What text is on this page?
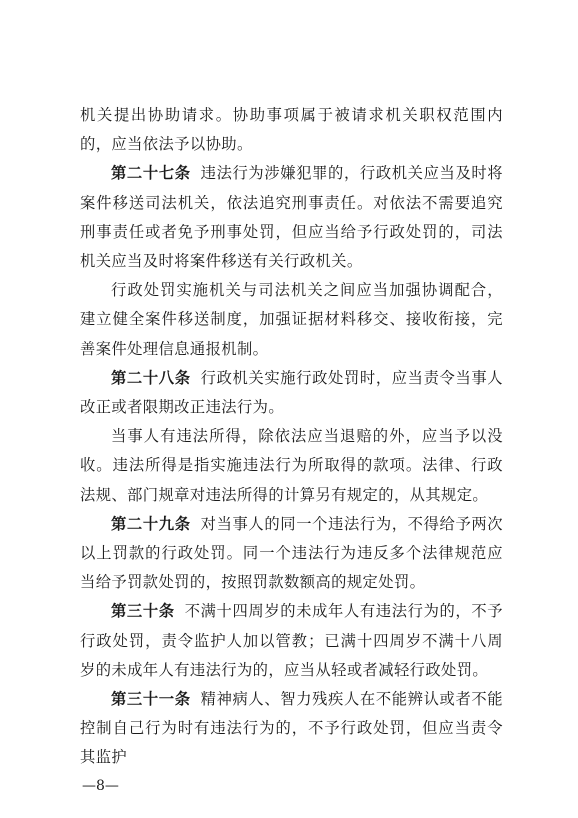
机关提出协助请求。协助事项属于被请求机关职权范围内的，应当依法予以协助。

第二十七条 违法行为涉嫌犯罪的，行政机关应当及时将案件移送司法机关，依法追究刑事责任。对依法不需要追究刑事责任或者免予刑事处罚，但应当给予行政处罚的，司法机关应当及时将案件移送有关行政机关。

行政处罚实施机关与司法机关之间应当加强协调配合，建立健全案件移送制度，加强证据材料移交、接收衔接，完善案件处理信息通报机制。

第二十八条 行政机关实施行政处罚时，应当责令当事人改正或者限期改正违法行为。

当事人有违法所得，除依法应当退赔的外，应当予以没收。违法所得是指实施违法行为所取得的款项。法律、行政法规、部门规章对违法所得的计算另有规定的，从其规定。

第二十九条 对当事人的同一个违法行为，不得给予两次以上罚款的行政处罚。同一个违法行为违反多个法律规范应当给予罚款处罚的，按照罚款数额高的规定处罚。

第三十条 不满十四周岁的未成年人有违法行为的，不予行政处罚，责令监护人加以管教；已满十四周岁不满十八周岁的未成年人有违法行为的，应当从轻或者减轻行政处罚。

第三十一条 精神病人、智力残疾人在不能辨认或者不能控制自己行为时有违法行为的，不予行政处罚，但应当责令其监护

—8—
